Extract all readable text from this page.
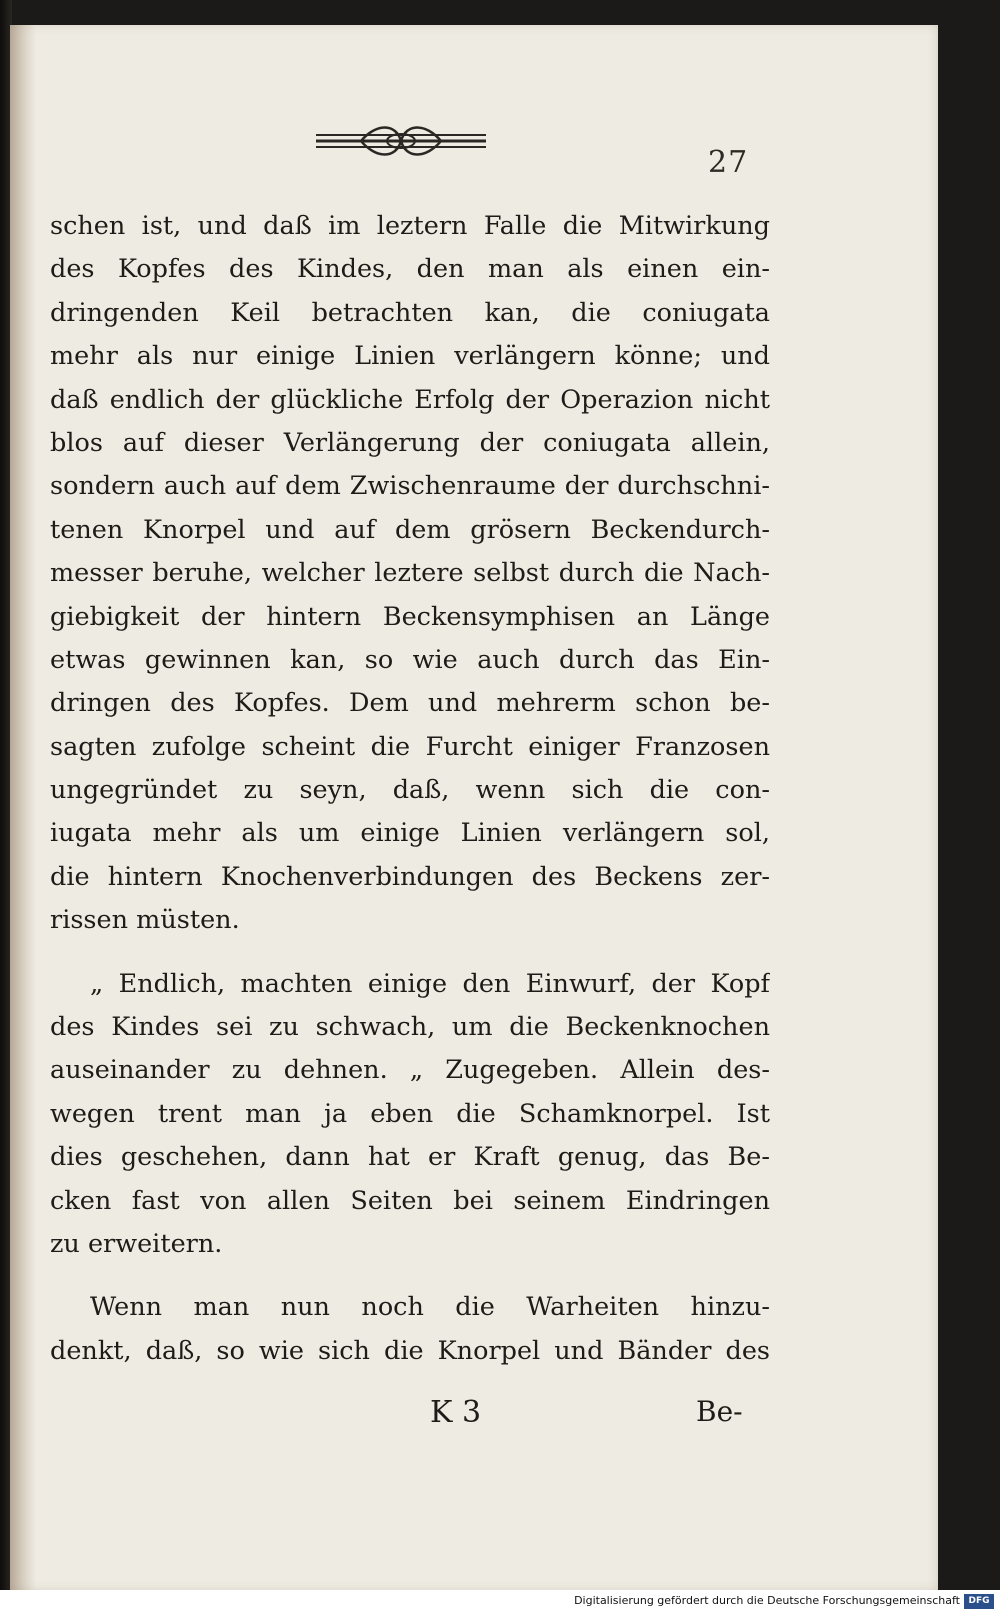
27
schen ist, und daß im leztern Falle die Mitwirkung
des Kopfes des Kindes, den man als einen ein-
dringenden Keil betrachten kan, die coniugata
mehr als nur einige Linien verlängern könne; und
daß endlich der glückliche Erfolg der Operazion nicht
blos auf dieser Verlängerung der coniugata allein,
sondern auch auf dem Zwischenraume der durchschni-
tenen Knorpel und auf dem grösern Beckendurch-
messer beruhe, welcher leztere selbst durch die Nach-
giebigkeit der hintern Beckensymphisen an Länge
etwas gewinnen kan, so wie auch durch das Ein-
dringen des Kopfes. Dem und mehrerm schon be-
sagten zufolge scheint die Furcht einiger Franzosen
ungegründet zu seyn, daß, wenn sich die con-
iugata mehr als um einige Linien verlängern sol,
die hintern Knochenverbindungen des Beckens zer-
rissen müsten.
„ Endlich, machten einige den Einwurf, der Kopf
des Kindes sei zu schwach, um die Beckenknochen
auseinander zu dehnen. „ Zugegeben. Allein des-
wegen trent man ja eben die Schamknorpel. Ist
dies geschehen, dann hat er Kraft genug, das Be-
cken fast von allen Seiten bei seinem Eindringen
zu erweitern.
Wenn man nun noch die Warheiten hinzu-
denkt, daß, so wie sich die Knorpel und Bänder des
K 3	Be-
Digitalisierung gefördert durch die Deutsche Forschungsgemeinschaft DFG
